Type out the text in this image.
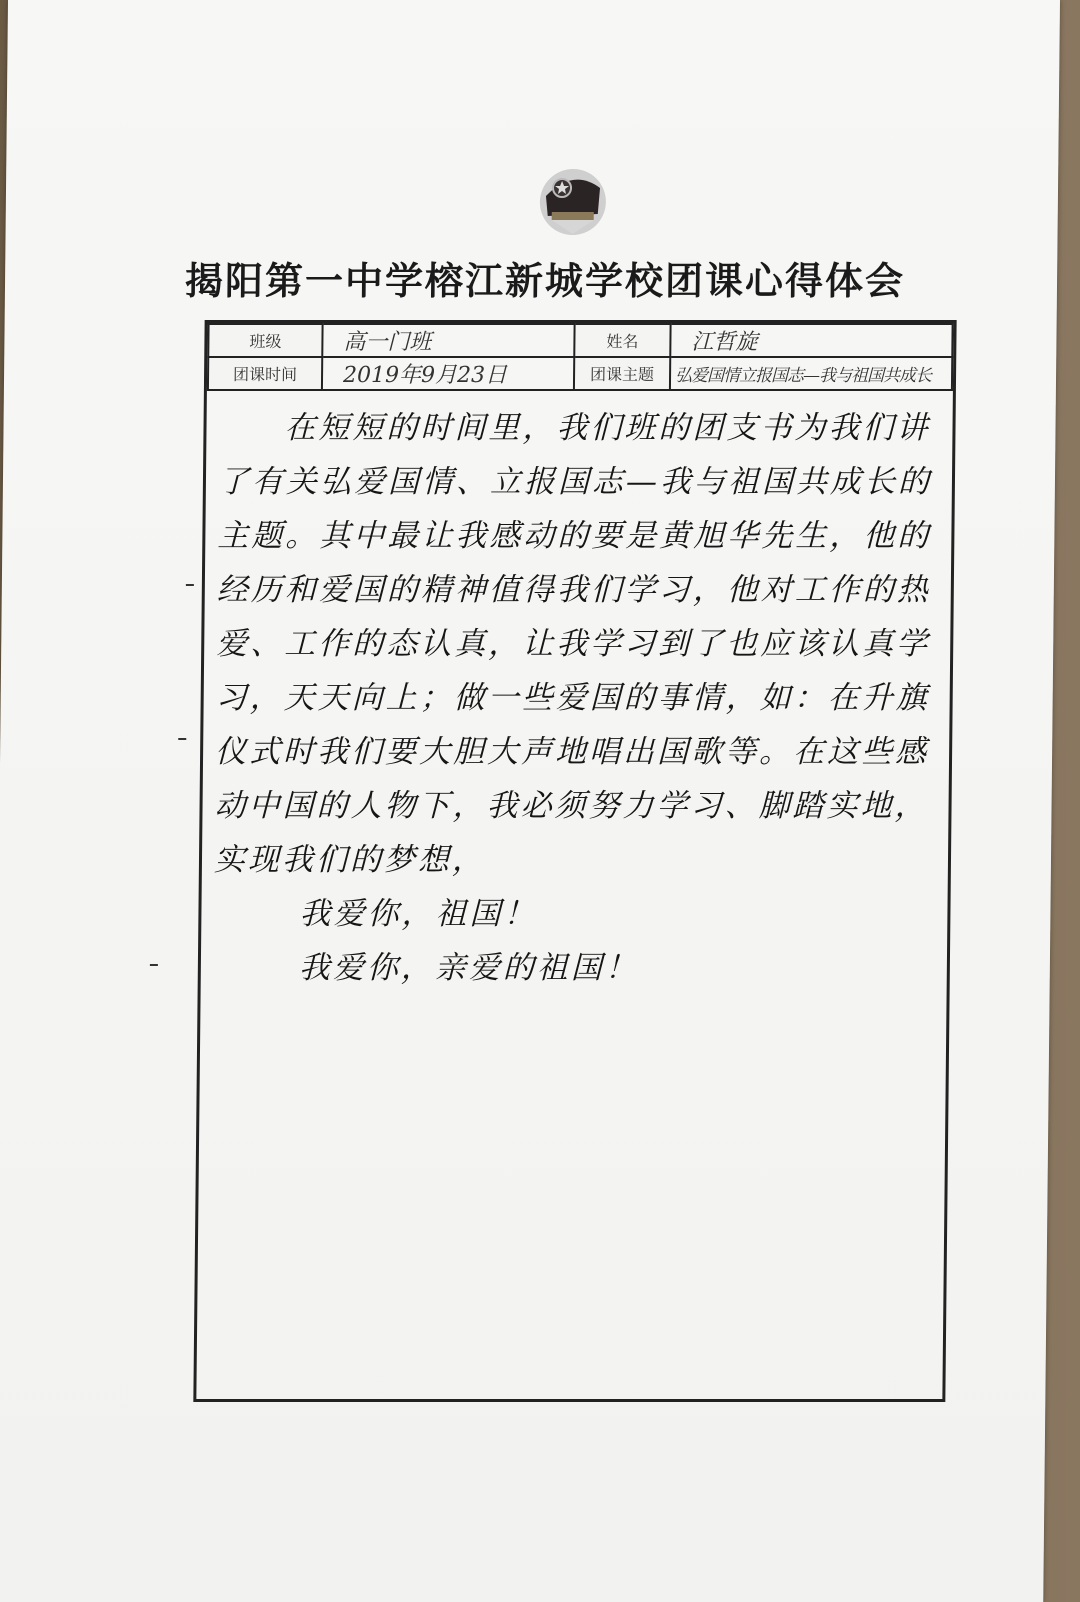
揭阳第一中学榕江新城学校团课心得体会
班级	高一门班	姓名	江哲旋
团课时间	2019年9月23日	团课主题	弘爱国情立报国志—我与祖国共成长

在短短的时间里，我们班的团支书为我们讲了有关弘爱国情、立报国志—我与祖国共成长的主题。其中最让我感动的要是黄旭华先生，他的经历和爱国的精神值得我们学习，他对工作的热爱、工作的态认真，让我学习到了也应该认真学习，天天向上；做一些爱国的事情，如：在升旗仪式时我们要大胆大声地唱出国歌等。在这些感动中国的人物下，我必须努力学习、脚踏实地，实现我们的梦想，

我爱你，祖国！

我爱你，亲爱的祖国！
